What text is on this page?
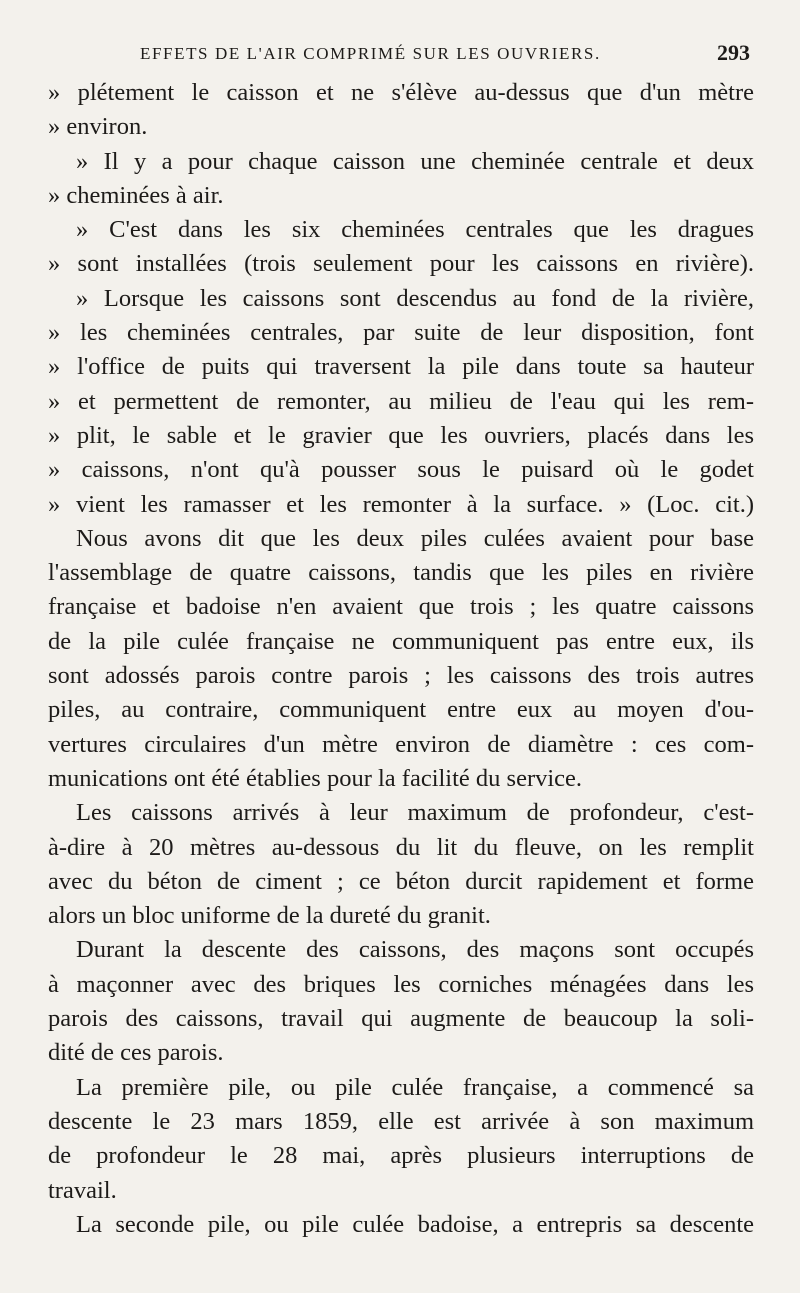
EFFETS DE L'AIR COMPRIMÉ SUR LES OUVRIERS.	293
» plétement le caisson et ne s'élève au-dessus que d'un mètre
» environ.
» Il y a pour chaque caisson une cheminée centrale et deux
» cheminées à air.
» C'est dans les six cheminées centrales que les dragues
» sont installées (trois seulement pour les caissons en rivière).
» Lorsque les caissons sont descendus au fond de la rivière,
» les cheminées centrales, par suite de leur disposition, font
» l'office de puits qui traversent la pile dans toute sa hauteur
» et permettent de remonter, au milieu de l'eau qui les rem-
» plit, le sable et le gravier que les ouvriers, placés dans les
» caissons, n'ont qu'à pousser sous le puisard où le godet
» vient les ramasser et les remonter à la surface. » (Loc. cit.)
Nous avons dit que les deux piles culées avaient pour base
l'assemblage de quatre caissons, tandis que les piles en rivière
française et badoise n'en avaient que trois ; les quatre caissons
de la pile culée française ne communiquent pas entre eux, ils
sont adossés parois contre parois ; les caissons des trois autres
piles, au contraire, communiquent entre eux au moyen d'ou-
vertures circulaires d'un mètre environ de diamètre : ces com-
munications ont été établies pour la facilité du service.
Les caissons arrivés à leur maximum de profondeur, c'est-
à-dire à 20 mètres au-dessous du lit du fleuve, on les remplit
avec du béton de ciment ; ce béton durcit rapidement et forme
alors un bloc uniforme de la dureté du granit.
Durant la descente des caissons, des maçons sont occupés
à maçonner avec des briques les corniches ménagées dans les
parois des caissons, travail qui augmente de beaucoup la soli-
dité de ces parois.
La première pile, ou pile culée française, a commencé sa
descente le 23 mars 1859, elle est arrivée à son maximum
de profondeur le 28 mai, après plusieurs interruptions de
travail.
La seconde pile, ou pile culée badoise, a entrepris sa descente
